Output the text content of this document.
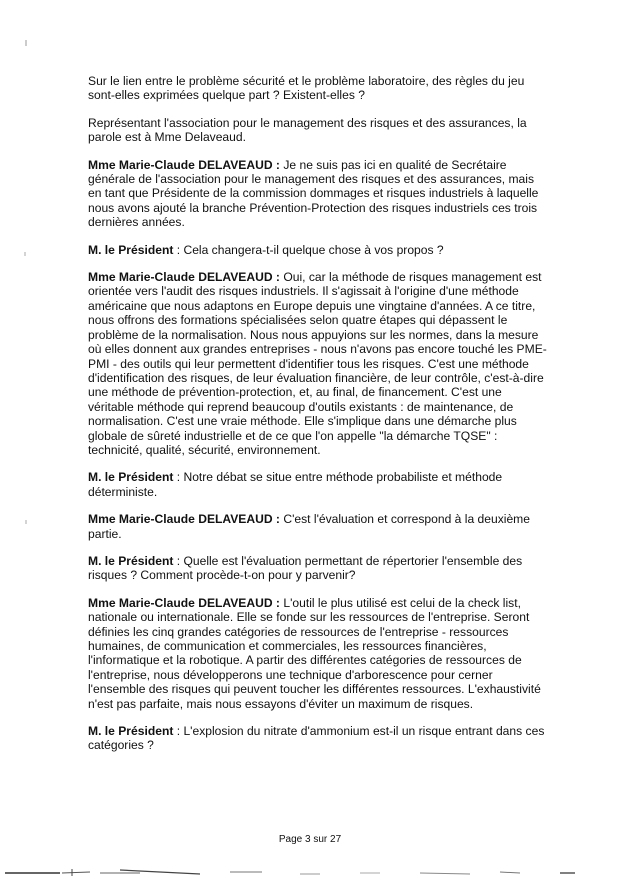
Sur le lien entre le problème sécurité et le problème laboratoire, des règles du jeu sont-elles exprimées quelque part ? Existent-elles ?

Représentant l'association pour le management des risques et des assurances, la parole est à Mme Delaveaud.

Mme Marie-Claude DELAVEAUD : Je ne suis pas ici en qualité de Secrétaire générale de l'association pour le management des risques et des assurances, mais en tant que Présidente de la commission dommages et risques industriels à laquelle nous avons ajouté la branche Prévention-Protection des risques industriels ces trois dernières années.

M. le Président : Cela changera-t-il quelque chose à vos propos ?

Mme Marie-Claude DELAVEAUD : Oui, car la méthode de risques management est orientée vers l'audit des risques industriels. Il s'agissait à l'origine d'une méthode américaine que nous adaptons en Europe depuis une vingtaine d'années. A ce titre, nous offrons des formations spécialisées selon quatre étapes qui dépassent le problème de la normalisation. Nous nous appuyions sur les normes, dans la mesure où elles donnent aux grandes entreprises - nous n'avons pas encore touché les PME-PMI - des outils qui leur permettent d'identifier tous les risques. C'est une méthode d'identification des risques, de leur évaluation financière, de leur contrôle, c'est-à-dire une méthode de prévention-protection, et, au final, de financement. C'est une véritable méthode qui reprend beaucoup d'outils existants : de maintenance, de normalisation. C'est une vraie méthode. Elle s'implique dans une démarche plus globale de sûreté industrielle et de ce que l'on appelle "la démarche TQSE" : technicité, qualité, sécurité, environnement.

M. le Président : Notre débat se situe entre méthode probabiliste et méthode déterministe.

Mme Marie-Claude DELAVEAUD : C'est l'évaluation et correspond à la deuxième partie.

M. le Président : Quelle est l'évaluation permettant de répertorier l'ensemble des risques ? Comment procède-t-on pour y parvenir?

Mme Marie-Claude DELAVEAUD : L'outil le plus utilisé est celui de la check list, nationale ou internationale. Elle se fonde sur les ressources de l'entreprise. Seront définies les cinq grandes catégories de ressources de l'entreprise - ressources humaines, de communication et commerciales, les ressources financières, l'informatique et la robotique. A partir des différentes catégories de ressources de l'entreprise, nous développerons une technique d'arborescence pour cerner l'ensemble des risques qui peuvent toucher les différentes ressources. L'exhaustivité n'est pas parfaite, mais nous essayons d'éviter un maximum de risques.

M. le Président : L'explosion du nitrate d'ammonium est-il un risque entrant dans ces catégories ?

Page 3 sur 27
